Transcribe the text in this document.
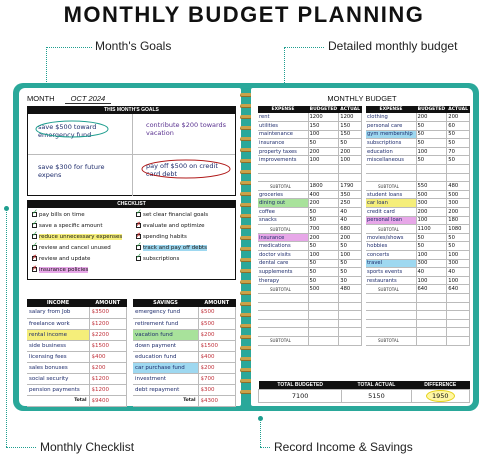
MONTHLY BUDGET PLANNING
Month's Goals	Detailed monthly budget
Monthly Checklist	Record Income & Savings
MONTH OCT 2024
THIS MONTH'S GOALS
save $500 toward emergency fund
contribute $200 towards vacation
save $300 for future expens
pay off $500 on credit card debt
CHECKLIST
✓pay bills on time
✓save a specific amount
✓reduce unnecessary expenses
✓review and cancel unused
✗review and update
✗insurance policies
✓set clear financial goals
✗evaluate and optimize
✗spending habits
✓track and pay off debts
✓subscriptions
INCOME	AMOUNT
salary from Job	$3500
freelance work	$1200
rental income	$2200
side business	$1500
licensing fees	$400
sales bonuses	$200
social security	$1200
pension payments	$1200
Total	$9400
SAVINGS	AMOUNT
emergency fund	$500
retirement fund	$500
vacation fund	$200
down payment	$1500
education fund	$400
car purchase fund	$200
investment	$700
debt repayment	$300
Total	$4300
MONTHLY BUDGET
EXPENSE	BUDGETED	ACTUAL
rent	1200	1200
utilities	150	150
maintenance	100	150
insurance	50	50
property taxes	200	200
improvements	100	100

SUBTOTAL	1800	1790
groceries	400	350
dining out	200	250
coffee	50	40
snacks	50	40
SUBTOTAL	700	680
insurance	200	200
medications	50	50
doctor visits	100	100
dental care	50	50
supplements	50	50
therapy	50	30
SUBTOTAL	500	480

SUBTOTAL		
EXPENSE	BUDGETED	ACTUAL
clothing	200	200
personal care	50	60
gym membership	50	50
subscriptions	50	50
education	100	70
miscellaneous	50	50

SUBTOTAL	550	480
student loans	500	500
car loan	300	300
credit card	200	200
personal loan	100	180
SUBTOTAL	1100	1080
movies/shows	50	50
hobbies	50	50
concerts	100	100
travel	300	300
sports events	40	40
restaurants	100	100
SUBTOTAL	640	640

SUBTOTAL		
TOTAL BUDGETED	TOTAL ACTUAL	DIFFERENCE
7100	5150	1950
